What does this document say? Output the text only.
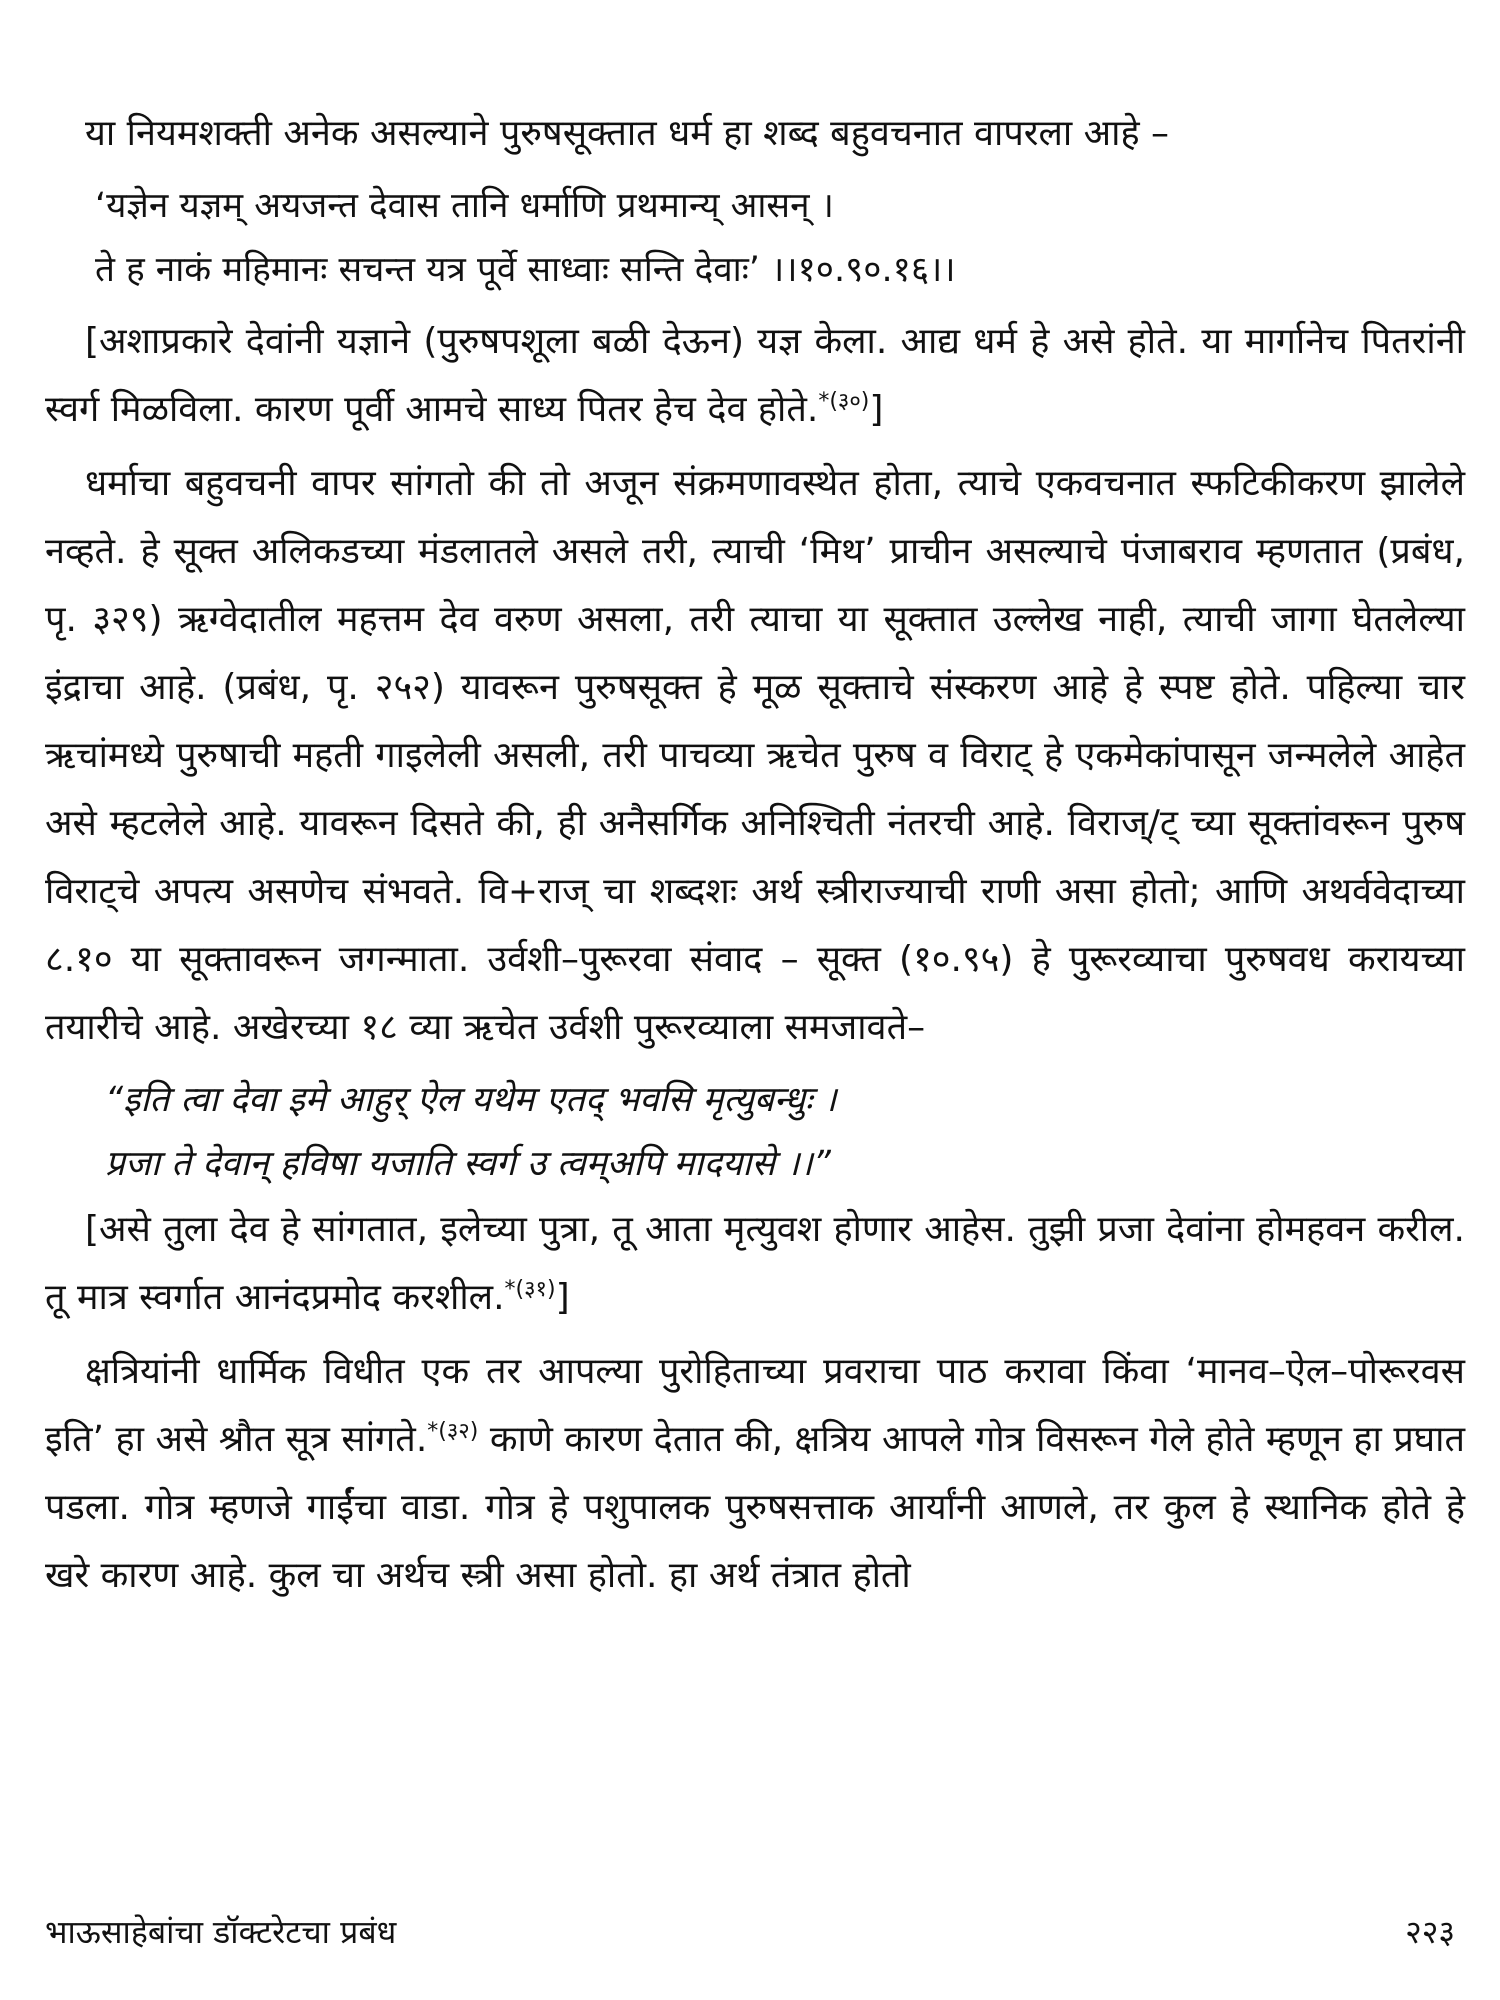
या नियमशक्ती अनेक असल्याने पुरुषसूक्तात धर्म हा शब्द बहुवचनात वापरला आहे –

‘यज्ञेन यज्ञम् अयजन्त देवास तानि धर्माणि प्रथमान्य् आसन् ।

ते ह नाकं महिमानः सचन्त यत्र पूर्वे साध्वाः सन्ति देवाः’ ।।१०.९०.१६।।

[अशाप्रकारे देवांनी यज्ञाने (पुरुषपशूला बळी देऊन) यज्ञ केला. आद्य धर्म हे असे होते. या मार्गानेच पितरांनी स्वर्ग मिळविला. कारण पूर्वी आमचे साध्य पितर हेच देव होते.$^{*(३०)}$]

धर्माचा बहुवचनी वापर सांगतो की तो अजून संक्रमणावस्थेत होता, त्याचे एकवचनात स्फटिकीकरण झालेले नव्हते. हे सूक्त अलिकडच्या मंडलातले असले तरी, त्याची ‘मिथ’ प्राचीन असल्याचे पंजाबराव म्हणतात (प्रबंध, पृ. ३२९) ऋग्वेदातील महत्तम देव वरुण असला, तरी त्याचा या सूक्तात उल्लेख नाही, त्याची जागा घेतलेल्या इंद्राचा आहे. (प्रबंध, पृ. २५२) यावरून पुरुषसूक्त हे मूळ सूक्ताचे संस्करण आहे हे स्पष्ट होते. पहिल्या चार ऋचांमध्ये पुरुषाची महती गाइलेली असली, तरी पाचव्या ऋचेत पुरुष व विराट् हे एकमेकांपासून जन्मलेले आहेत असे म्हटलेले आहे. यावरून दिसते की, ही अनैसर्गिक अनिश्चिती नंतरची आहे. विराज्/ट् च्या सूक्तांवरून पुरुष विराट्चे अपत्य असणेच संभवते. वि+राज् चा शब्दशः अर्थ स्त्रीराज्याची राणी असा होतो; आणि अथर्ववेदाच्या ८.१० या सूक्तावरून जगन्माता. उर्वशी–पुरूरवा संवाद – सूक्त (१०.९५) हे पुरूरव्याचा पुरुषवध करायच्या तयारीचे आहे. अखेरच्या १८ व्या ऋचेत उर्वशी पुरूरव्याला समजावते–

“इति त्वा देवा इमे आहुर् ऐल यथेम एतद् भवसि मृत्युबन्धुः ।

प्रजा ते देवान् हविषा यजाति स्वर्ग उ त्वम्अपि मादयासे ।।”

[असे तुला देव हे सांगतात, इलेच्या पुत्रा, तू आता मृत्युवश होणार आहेस. तुझी प्रजा देवांना होमहवन करील. तू मात्र स्वर्गात आनंदप्रमोद करशील.$^{*(३१)}$]

क्षत्रियांनी धार्मिक विधीत एक तर आपल्या पुरोहिताच्या प्रवराचा पाठ करावा किंवा ‘मानव–ऐल–पोरूरवस इति’ हा असे श्रौत सूत्र सांगते.$^{*(३२)}$ काणे कारण देतात की, क्षत्रिय आपले गोत्र विसरून गेले होते म्हणून हा प्रघात पडला. गोत्र म्हणजे गाईंचा वाडा. गोत्र हे पशुपालक पुरुषसत्ताक आर्यांनी आणले, तर कुल हे स्थानिक होते हे खरे कारण आहे. कुल चा अर्थच स्त्री असा होतो. हा अर्थ तंत्रात होतो

भाऊसाहेबांचा डॉक्टरेटचा प्रबंध	२२३
